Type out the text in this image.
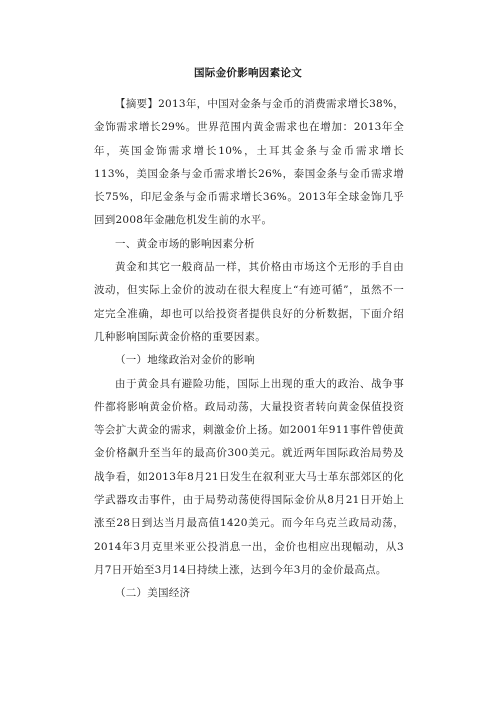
国际金价影响因素论文

【摘要】2013年，中国对金条与金币的消费需求增长38%，金饰需求增长29%。世界范围内黄金需求也在增加：2013年全年，英国金饰需求增长10%，土耳其金条与金币需求增长113%，美国金条与金币需求增长26%，泰国金条与金币需求增长75%，印尼金条与金币需求增长36%。2013年全球金饰几乎回到2008年金融危机发生前的水平。

一、黄金市场的影响因素分析

黄金和其它一般商品一样，其价格由市场这个无形的手自由波动，但实际上金价的波动在很大程度上“有迹可循”，虽然不一定完全准确，却也可以给投资者提供良好的分析数据，下面介绍几种影响国际黄金价格的重要因素。

（一）地缘政治对金价的影响

由于黄金具有避险功能，国际上出现的重大的政治、战争事件都将影响黄金价格。政局动荡，大量投资者转向黄金保值投资等会扩大黄金的需求，刺激金价上扬。如2001年911事件曾使黄金价格飙升至当年的最高价300美元。就近两年国际政治局势及战争看，如2013年8月21日发生在叙利亚大马士革东部郊区的化学武器攻击事件，由于局势动荡使得国际金价从8月21日开始上涨至28日到达当月最高值1420美元。而今年乌克兰政局动荡，2014年3月克里米亚公投消息一出，金价也相应出现幅动，从3月7日开始至3月14日持续上涨，达到今年3月的金价最高点。

（二）美国经济
